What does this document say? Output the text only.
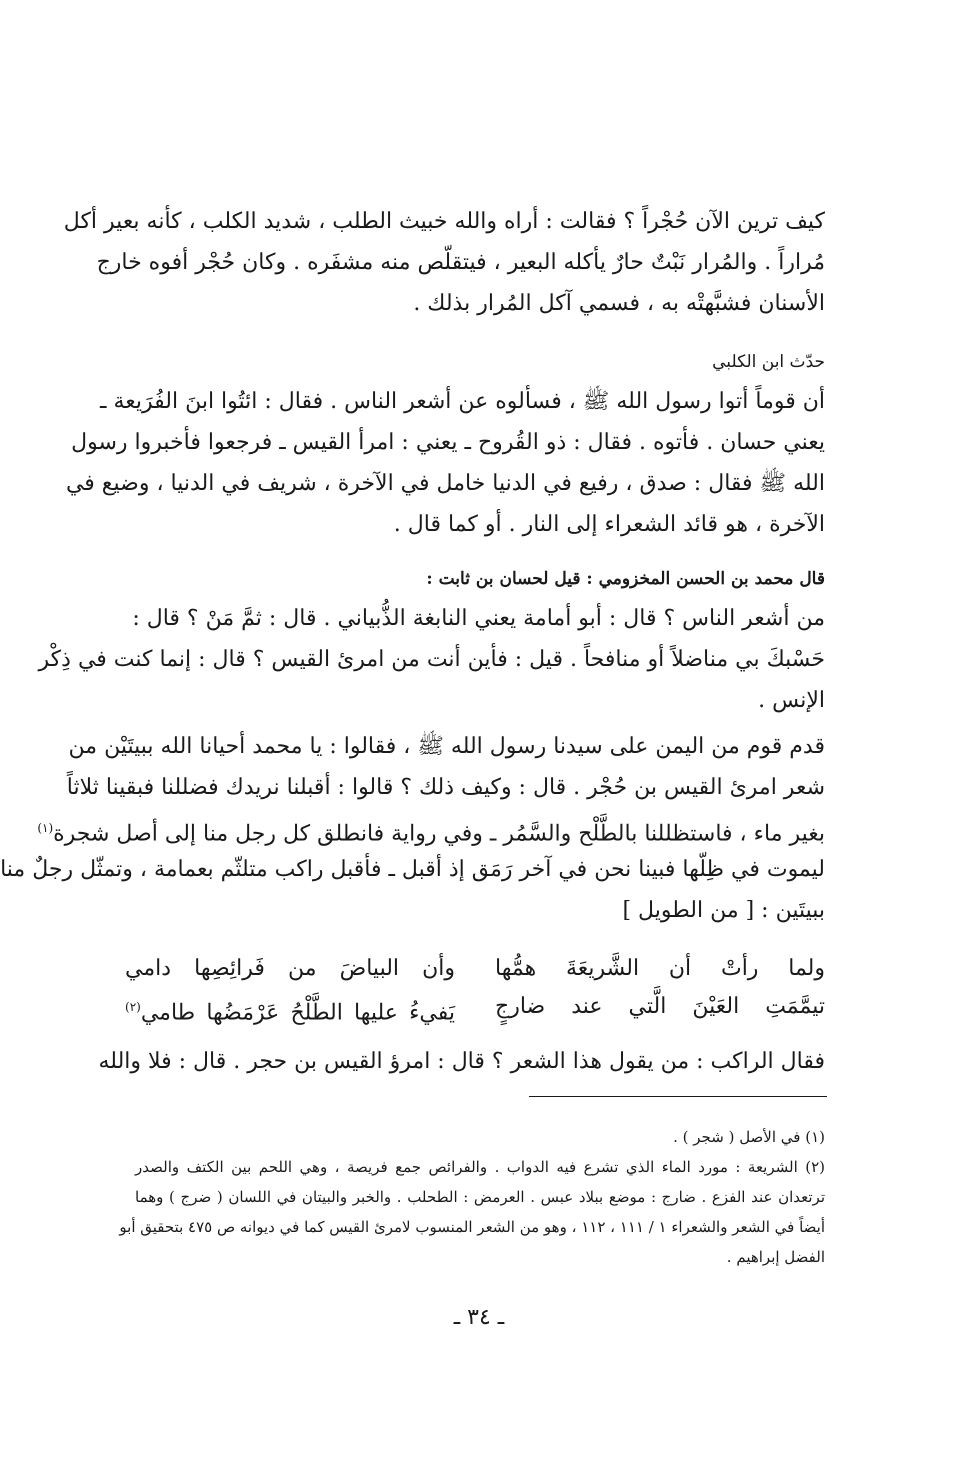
كيف ترين الآن حُجْراً ؟ فقالت : أراه والله خبيث الطلب ، شديد الكلب ، كأنه بعير أكل
مُراراً . والمُرار نَبْتٌ حارٌ يأكله البعير ، فيتقلّص منه مشفَره . وكان حُجْر أفوه خارج
الأسنان فشبَّهتْه به ، فسمي آكل المُرار بذلك .
حدّث ابن الكلبي
أن قوماً أتوا رسول الله ﷺ ، فسألوه عن أشعر الناس . فقال : ائتُوا ابنَ الفُرَيعة ـ
يعني حسان . فأتوه . فقال : ذو القُروح ـ يعني : امرأ القيس ـ فرجعوا فأخبروا رسول
الله ﷺ فقال : صدق ، رفيع في الدنيا خامل في الآخرة ، شريف في الدنيا ، وضيع في
الآخرة ، هو قائد الشعراء إلى النار . أو كما قال .
قال محمد بن الحسن المخزومي : قيل لحسان بن ثابت :
من أشعر الناس ؟ قال : أبو أمامة يعني النابغة الذُّبياني . قال : ثمَّ مَنْ ؟ قال :
حَسْبكَ بي مناضلاً أو منافحاً . قيل : فأين أنت من امرئ القيس ؟ قال : إنما كنت في ذِكْر
الإنس .
قدم قوم من اليمن على سيدنا رسول الله ﷺ ، فقالوا : يا محمد أحيانا الله ببيتَيْن من
شعر امرئ القيس بن حُجْر . قال : وكيف ذلك ؟ قالوا : أقبلنا نريدك فضللنا فبقينا ثلاثاً
بغير ماء ، فاستظللنا بالطَّلْح والسَّمُر ـ وفي رواية فانطلق كل رجل منا إلى أصل شجرة$^{(١)}$
ليموت في ظِلّها فبينا نحن في آخر رَمَق إذ أقبل ـ فأقبل راكب متلثّم بعمامة ، وتمثّل رجلٌ منا
ببيتَين : [ من الطويل ]
ولما رأتْ أن الشَّريعَةَ همُّها
وأن البياضَ من فَرائِصِها دامي
تيمَّمَتِ العَيْنَ الَّتي عند ضارجٍ
يَفيءُ عليها الطَّلْحُ عَرْمَضُها طامي$^{(٢)}$
فقال الراكب : من يقول هذا الشعر ؟ قال : امرؤ القيس بن حجر . قال : فلا والله
(١) في الأصل ( شجر ) .
(٢) الشريعة : مورد الماء الذي تشرع فيه الدواب . والفرائص جمع فريصة ، وهي اللحم بين الكتف والصدر
ترتعدان عند الفزع . ضارج : موضع ببلاد عبس . العرمض : الطحلب . والخبر والبيتان في اللسان ( ضرج ) وهما
أيضاً في الشعر والشعراء ١ / ١١١ ، ١١٢ ، وهو من الشعر المنسوب لامرئ القيس كما في ديوانه ص ٤٧٥ بتحقيق أبو
الفضل إبراهيم .
ـ ٣٤ ـ
